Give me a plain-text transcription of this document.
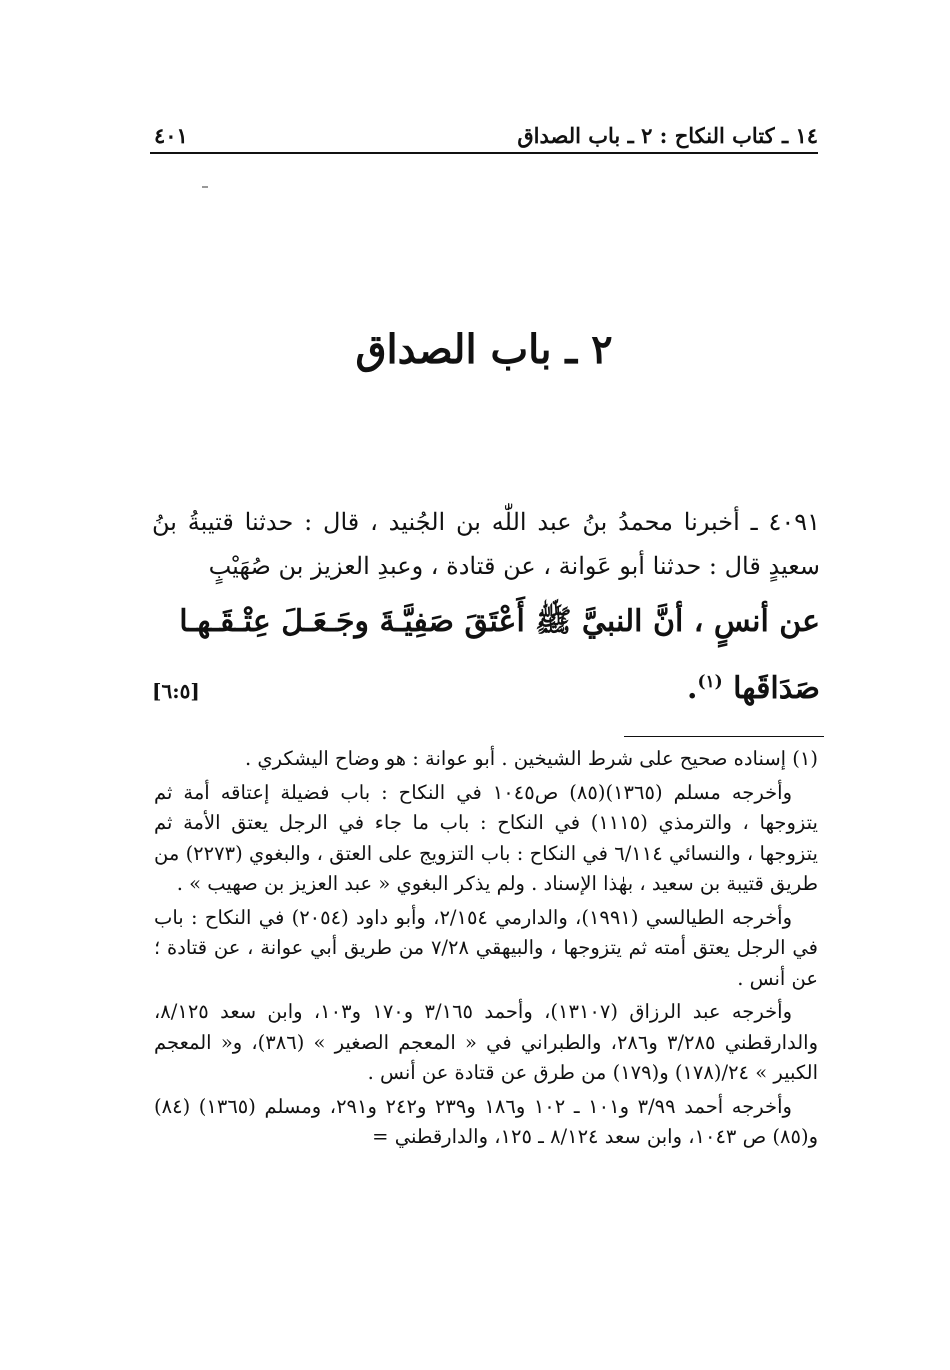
١٤ ـ كتاب النكاح : ٢ ـ باب الصداق
٤٠١
٢ ـ باب الصداق

٤٠٩١ ـ أخبرنا محمدُ بنُ عبد اللّٰه بن الجُنيد ، قال : حدثنا قتيبةُ بنُ سعيدٍ قال : حدثنا أبو عَوانة ، عن قتادة ، وعبدِ العزيز بن صُهَيْبٍ

عن أنسٍ ، أنَّ النبيَّ ﷺ أَعْتَقَ صَفِيَّـةَ وجَـعَـلَ عِتْـقَـهـا

صَدَاقَها $^{(١)}$.
[٦:٥]

(١) إسناده صحيح على شرط الشيخين . أبو عوانة : هو وضاح اليشكري .

وأخرجه مسلم (١٣٦٥)(٨٥) ص١٠٤٥ في النكاح : باب فضيلة إعتاقه أمة ثم يتزوجها ، والترمذي (١١١٥) في النكاح : باب ما جاء في الرجل يعتق الأمة ثم يتزوجها ، والنسائي ٦/١١٤ في النكاح : باب التزويج على العتق ، والبغوي (٢٢٧٣) من طريق قتيبة بن سعيد ، بهٰذا الإسناد . ولم يذكر البغوي « عبد العزيز بن صهيب » .

وأخرجه الطيالسي (١٩٩١)، والدارمي ٢/١٥٤، وأبو داود (٢٠٥٤) في النكاح : باب في الرجل يعتق أمته ثم يتزوجها ، والبيهقي ٧/٢٨ من طريق أبي عوانة ، عن قتادة ؛ عن أنس .

وأخرجه عبد الرزاق (١٣١٠٧)، وأحمد ٣/١٦٥ و١٧٠ و١٠٣، وابن سعد ٨/١٢٥، والدارقطني ٣/٢٨٥ و٢٨٦، والطبراني في « المعجم الصغير » (٣٨٦)، و« المعجم الكبير » ٢٤/(١٧٨) و(١٧٩) من طرق عن قتادة عن أنس .

وأخرجه أحمد ٣/٩٩ و١٠١ ـ ١٠٢ و١٨٦ و٢٣٩ و٢٤٢ و٢٩١، ومسلم (١٣٦٥) (٨٤) و(٨٥) ص ١٠٤٣، وابن سعد ٨/١٢٤ ـ ١٢٥، والدارقطني =
